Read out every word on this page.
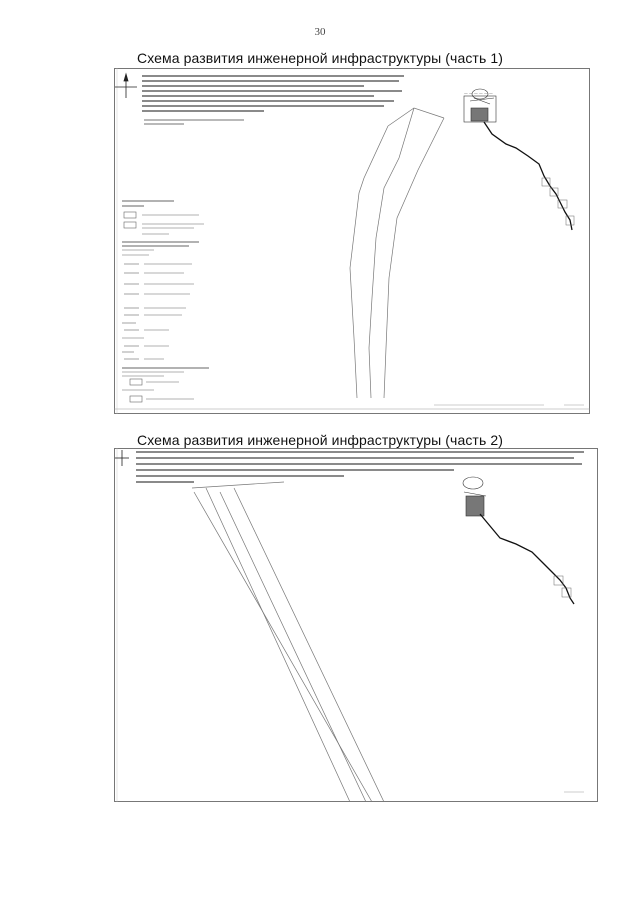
30
Схема развития инженерной инфраструктуры (часть 1)
— — — — — —
Схема развития инженерной инфраструктуры (часть 2)
